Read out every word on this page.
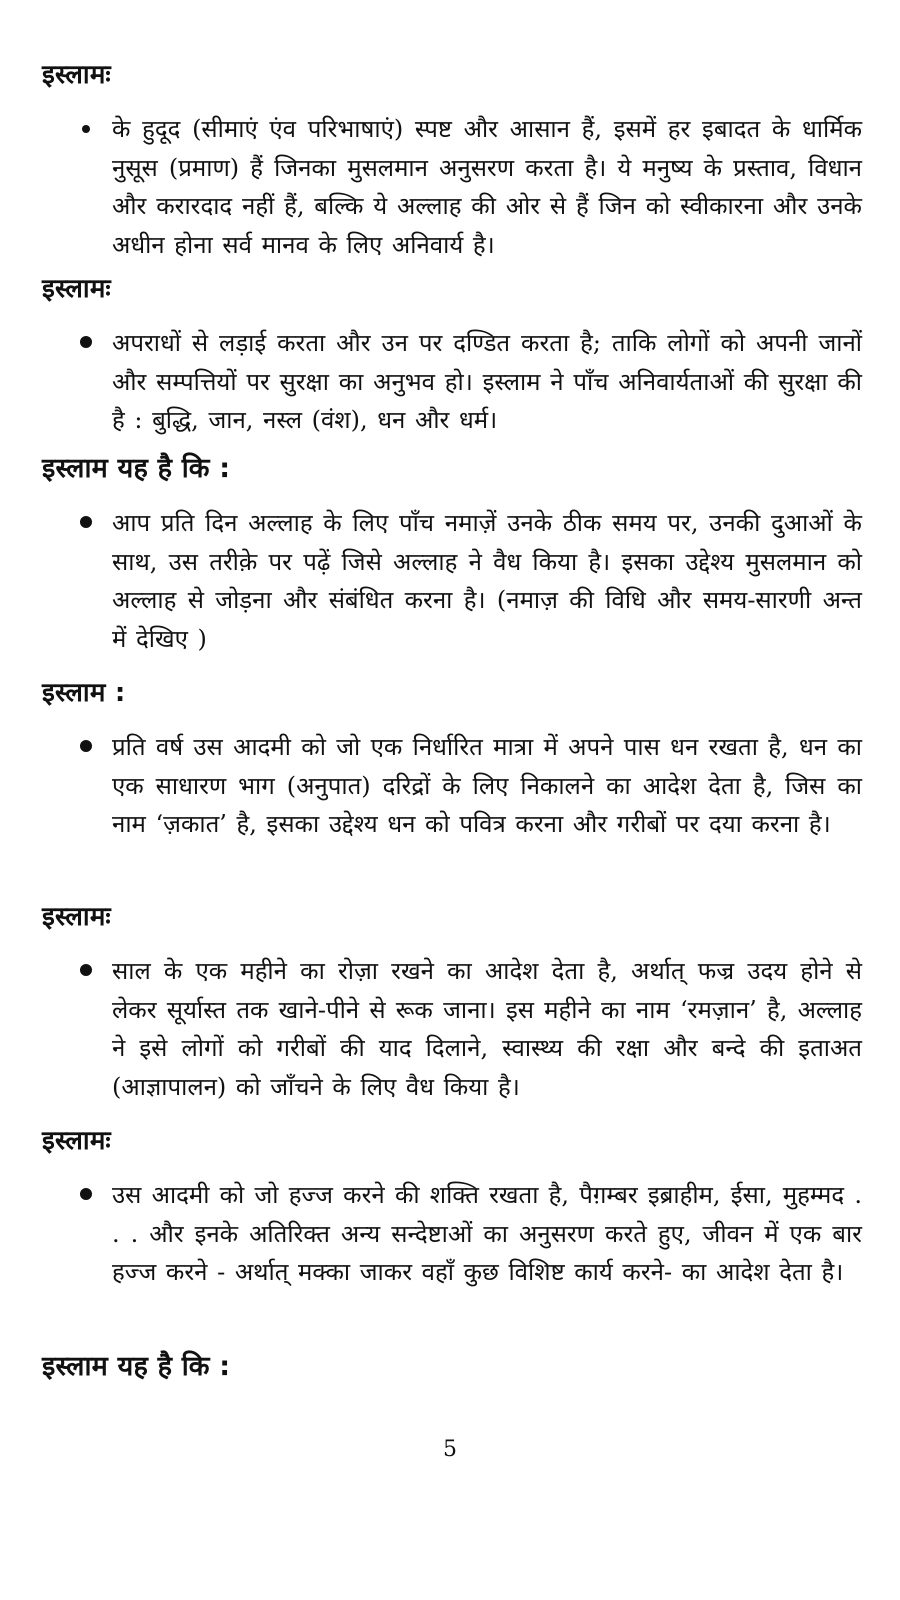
इस्लामः

के हुदूद (सीमाएं एंव परिभाषाएं) स्पष्ट और आसान हैं, इसमें हर इबादत के धार्मिक नुसूस (प्रमाण) हैं जिनका मुसलमान अनुसरण करता है। ये मनुष्य के प्रस्ताव, विधान और करारदाद नहीं हैं, बल्कि ये अल्लाह की ओर से हैं जिन को स्वीकारना और उनके अधीन होना सर्व मानव के लिए अनिवार्य है।

इस्लामः

अपराधों से लड़ाई करता और उन पर दण्डित करता है; ताकि लोगों को अपनी जानों और सम्पत्तियों पर सुरक्षा का अनुभव हो। इस्लाम ने पाँच अनिवार्यताओं की सुरक्षा की है : बुद्धि, जान, नस्ल (वंश), धन और धर्म।

इस्लाम यह है कि :

आप प्रति दिन अल्लाह के लिए पाँच नमाज़ें उनके ठीक समय पर, उनकी दुआओं के साथ, उस तरीक़े पर पढ़ें जिसे अल्लाह ने वैध किया है। इसका उद्देश्य मुसलमान को अल्लाह से जोड़ना और संबंधित करना है। (नमाज़ की विधि और समय-सारणी अन्त में देखिए )

इस्लाम :

प्रति वर्ष उस आदमी को जो एक निर्धारित मात्रा में अपने पास धन रखता है, धन का एक साधारण भाग (अनुपात) दरिद्रों के लिए निकालने का आदेश देता है, जिस का नाम ‘ज़कात’ है, इसका उद्देश्य धन को पवित्र करना और गरीबों पर दया करना है।

इस्लामः

साल के एक महीने का रोज़ा रखने का आदेश देता है, अर्थात् फज्र उदय होने से लेकर सूर्यास्त तक खाने-पीने से रूक जाना। इस महीने का नाम ‘रमज़ान’ है, अल्लाह ने इसे लोगों को गरीबों की याद दिलाने, स्वास्थ्य की रक्षा और बन्दे की इताअत (आज्ञापालन) को जाँचने के लिए वैध किया है।

इस्लामः

उस आदमी को जो हज्ज करने की शक्ति रखता है, पैग़म्बर इब्राहीम, ईसा, मुहम्मद . . . और इनके अतिरिक्त अन्य सन्देष्टाओं का अनुसरण करते हुए, जीवन में एक बार हज्ज करने - अर्थात् मक्का जाकर वहाँ कुछ विशिष्ट कार्य करने- का आदेश देता है।

इस्लाम यह है कि :
5
